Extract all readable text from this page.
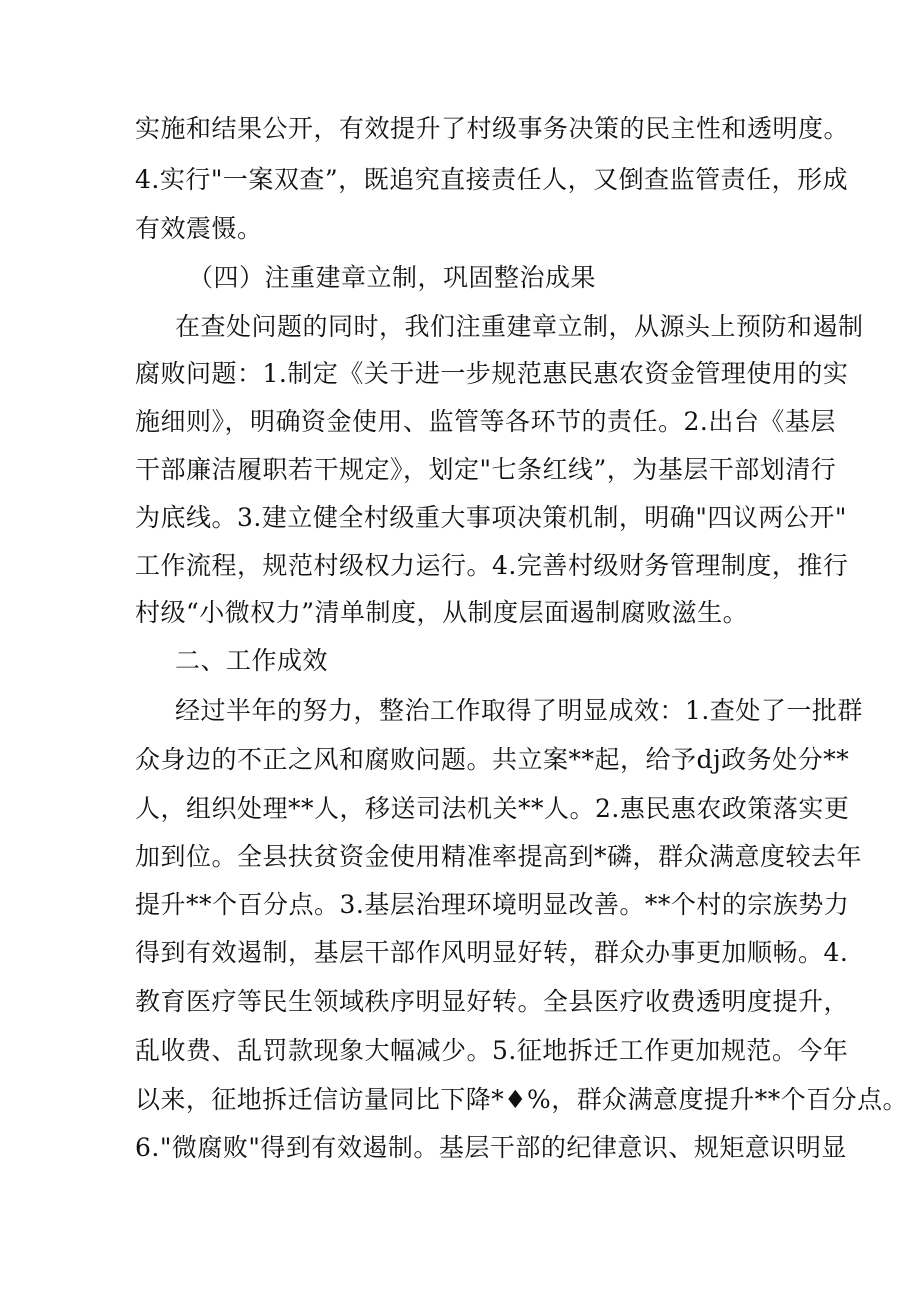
实施和结果公开，有效提升了村级事务决策的民主性和透明度。
4.实行"一案双查”，既追究直接责任人，又倒查监管责任，形成
有效震慑。
（四）注重建章立制，巩固整治成果
在查处问题的同时，我们注重建章立制，从源头上预防和遏制
腐败问题：1.制定《关于进一步规范惠民惠农资金管理使用的实
施细则》，明确资金使用、监管等各环节的责任。2.出台《基层
干部廉洁履职若干规定》，划定"七条红线”，为基层干部划清行
为底线。3.建立健全村级重大事项决策机制，明确"四议两公开"
工作流程，规范村级权力运行。4.完善村级财务管理制度，推行
村级“小微权力”清单制度，从制度层面遏制腐败滋生。
二、工作成效
经过半年的努力，整治工作取得了明显成效：1.查处了一批群
众身边的不正之风和腐败问题。共立案**起，给予dj政务处分**
人，组织处理**人，移送司法机关**人。2.惠民惠农政策落实更
加到位。全县扶贫资金使用精准率提高到*磷，群众满意度较去年
提升**个百分点。3.基层治理环境明显改善。**个村的宗族势力
得到有效遏制，基层干部作风明显好转，群众办事更加顺畅。4.
教育医疗等民生领域秩序明显好转。全县医疗收费透明度提升，
乱收费、乱罚款现象大幅减少。5.征地拆迁工作更加规范。今年
以来，征地拆迁信访量同比下降*♦%，群众满意度提升**个百分点。
6."微腐败"得到有效遏制。基层干部的纪律意识、规矩意识明显
